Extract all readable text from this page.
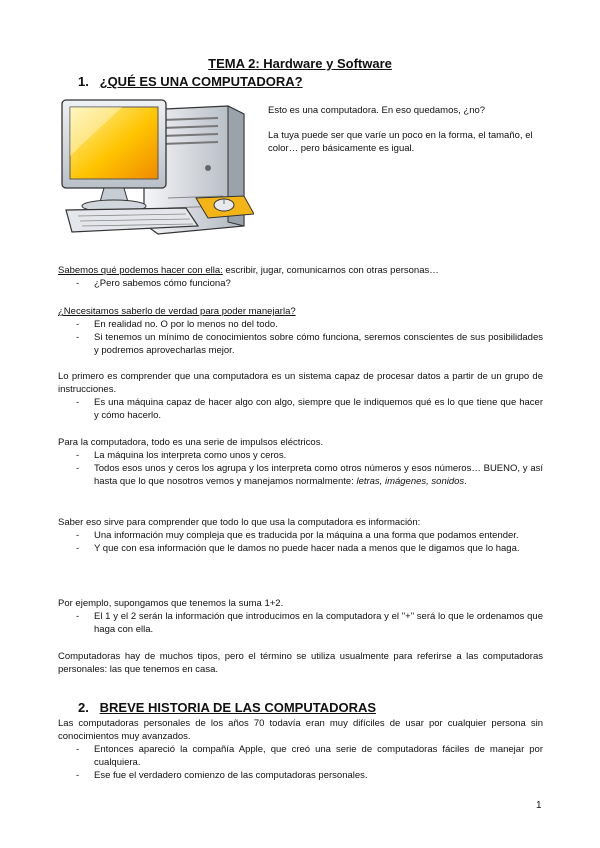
TEMA 2: Hardware y Software
1. ¿QUÉ ES UNA COMPUTADORA?

Esto es una computadora. En eso quedamos, ¿no?

La tuya puede ser que varíe un poco en la forma, el tamaño, el color… pero básicamente es igual.

Sabemos qué podemos hacer con ella: escribir, jugar, comunicarnos con otras personas…

- ¿Pero sabemos cómo funciona?

¿Necesitamos saberlo de verdad para poder manejarla?

- En realidad no. O por lo menos no del todo.
- Si tenemos un mínimo de conocimientos sobre cómo funciona, seremos conscientes de sus posibilidades y podremos aprovecharlas mejor.

Lo primero es comprender que una computadora es un sistema capaz de procesar datos a partir de un grupo de instrucciones.

- Es una máquina capaz de hacer algo con algo, siempre que le indiquemos qué es lo que tiene que hacer y cómo hacerlo.

Para la computadora, todo es una serie de impulsos eléctricos.

- La máquina los interpreta como unos y ceros.
- Todos esos unos y ceros los agrupa y los interpreta como otros números y esos números… BUENO, y así hasta que lo que nosotros vemos y manejamos normalmente: letras, imágenes, sonidos.

Saber eso sirve para comprender que todo lo que usa la computadora es información:

- Una información muy compleja que es traducida por la máquina a una forma que podamos entender.
- Y que con esa información que le damos no puede hacer nada a menos que le digamos que lo haga.

Por ejemplo, supongamos que tenemos la suma 1+2.

- El 1 y el 2 serán la información que introducimos en la computadora y el "+" será lo que le ordenamos que haga con ella.

Computadoras hay de muchos tipos, pero el término se utiliza usualmente para referirse a las computadoras personales: las que tenemos en casa.

2. BREVE HISTORIA DE LAS COMPUTADORAS

Las computadoras personales de los años 70 todavía eran muy difíciles de usar por cualquier persona sin conocimientos muy avanzados.

- Entonces apareció la compañía Apple, que creó una serie de computadoras fáciles de manejar por cualquiera.
- Ese fue el verdadero comienzo de las computadoras personales.
1
